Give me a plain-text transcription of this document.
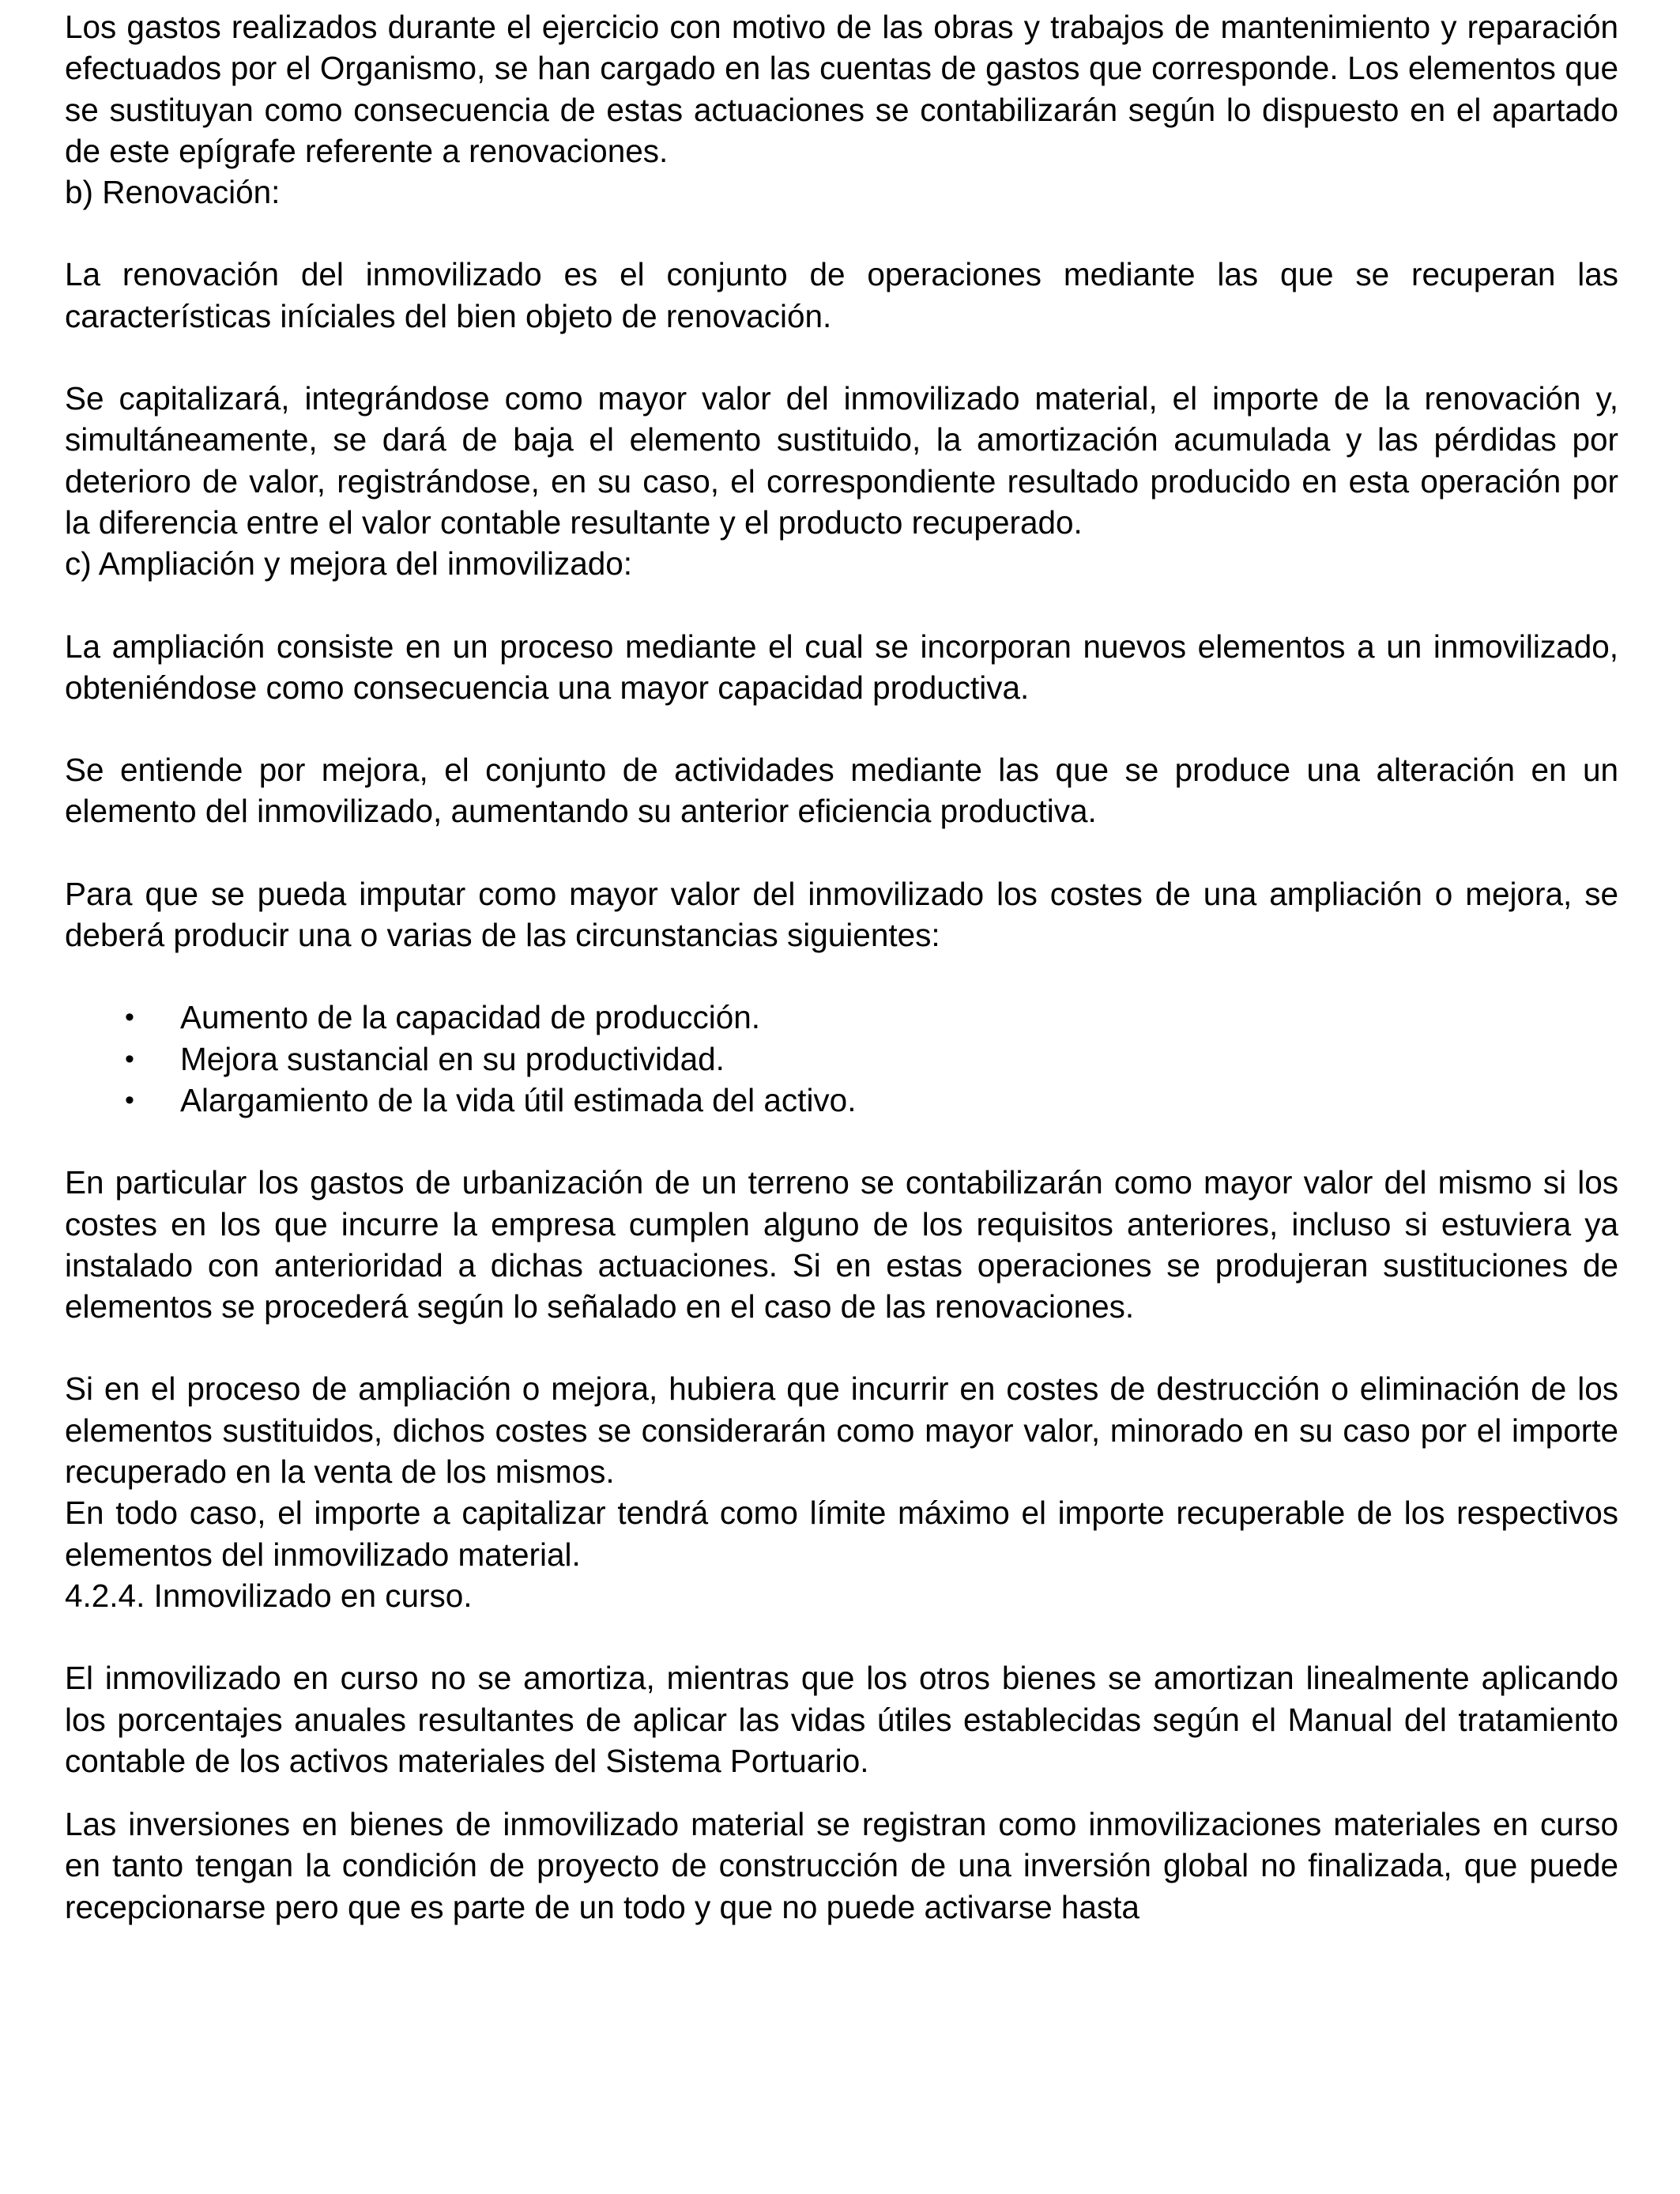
Los gastos realizados durante el ejercicio con motivo de las obras y trabajos de mantenimiento y reparación efectuados por el Organismo, se han cargado en las cuentas de gastos que corresponde. Los elementos que se sustituyan como consecuencia de estas actuaciones se contabilizarán según lo dispuesto en el apartado de este epígrafe referente a renovaciones.

b) Renovación:

La renovación del inmovilizado es el conjunto de operaciones mediante las que se recuperan las características iníciales del bien objeto de renovación.

Se capitalizará, integrándose como mayor valor del inmovilizado material, el importe de la renovación y, simultáneamente, se dará de baja el elemento sustituido, la amortización acumulada y las pérdidas por deterioro de valor, registrándose, en su caso, el correspondiente resultado producido en esta operación por la diferencia entre el valor contable resultante y el producto recuperado.

c) Ampliación y mejora del inmovilizado:

La ampliación consiste en un proceso mediante el cual se incorporan nuevos elementos a un inmovilizado, obteniéndose como consecuencia una mayor capacidad productiva.

Se entiende por mejora, el conjunto de actividades mediante las que se produce una alteración en un elemento del inmovilizado, aumentando su anterior eficiencia productiva.

Para que se pueda imputar como mayor valor del inmovilizado los costes de una ampliación o mejora, se deberá producir una o varias de las circunstancias siguientes:

• Aumento de la capacidad de producción.
• Mejora sustancial en su productividad.
• Alargamiento de la vida útil estimada del activo.

En particular los gastos de urbanización de un terreno se contabilizarán como mayor valor del mismo si los costes en los que incurre la empresa cumplen alguno de los requisitos anteriores, incluso si estuviera ya instalado con anterioridad a dichas actuaciones. Si en estas operaciones se produjeran sustituciones de elementos se procederá según lo señalado en el caso de las renovaciones.

Si en el proceso de ampliación o mejora, hubiera que incurrir en costes de destrucción o eliminación de los elementos sustituidos, dichos costes se considerarán como mayor valor, minorado en su caso por el importe recuperado en la venta de los mismos.

En todo caso, el importe a capitalizar tendrá como límite máximo el importe recuperable de los respectivos elementos del inmovilizado material.

4.2.4. Inmovilizado en curso.

El inmovilizado en curso no se amortiza, mientras que los otros bienes se amortizan linealmente aplicando los porcentajes anuales resultantes de aplicar las vidas útiles establecidas según el Manual del tratamiento contable de los activos materiales del Sistema Portuario.

Las inversiones en bienes de inmovilizado material se registran como inmovilizaciones materiales en curso en tanto tengan la condición de proyecto de construcción de una inversión global no finalizada, que puede recepcionarse pero que es parte de un todo y que no puede activarse hasta
